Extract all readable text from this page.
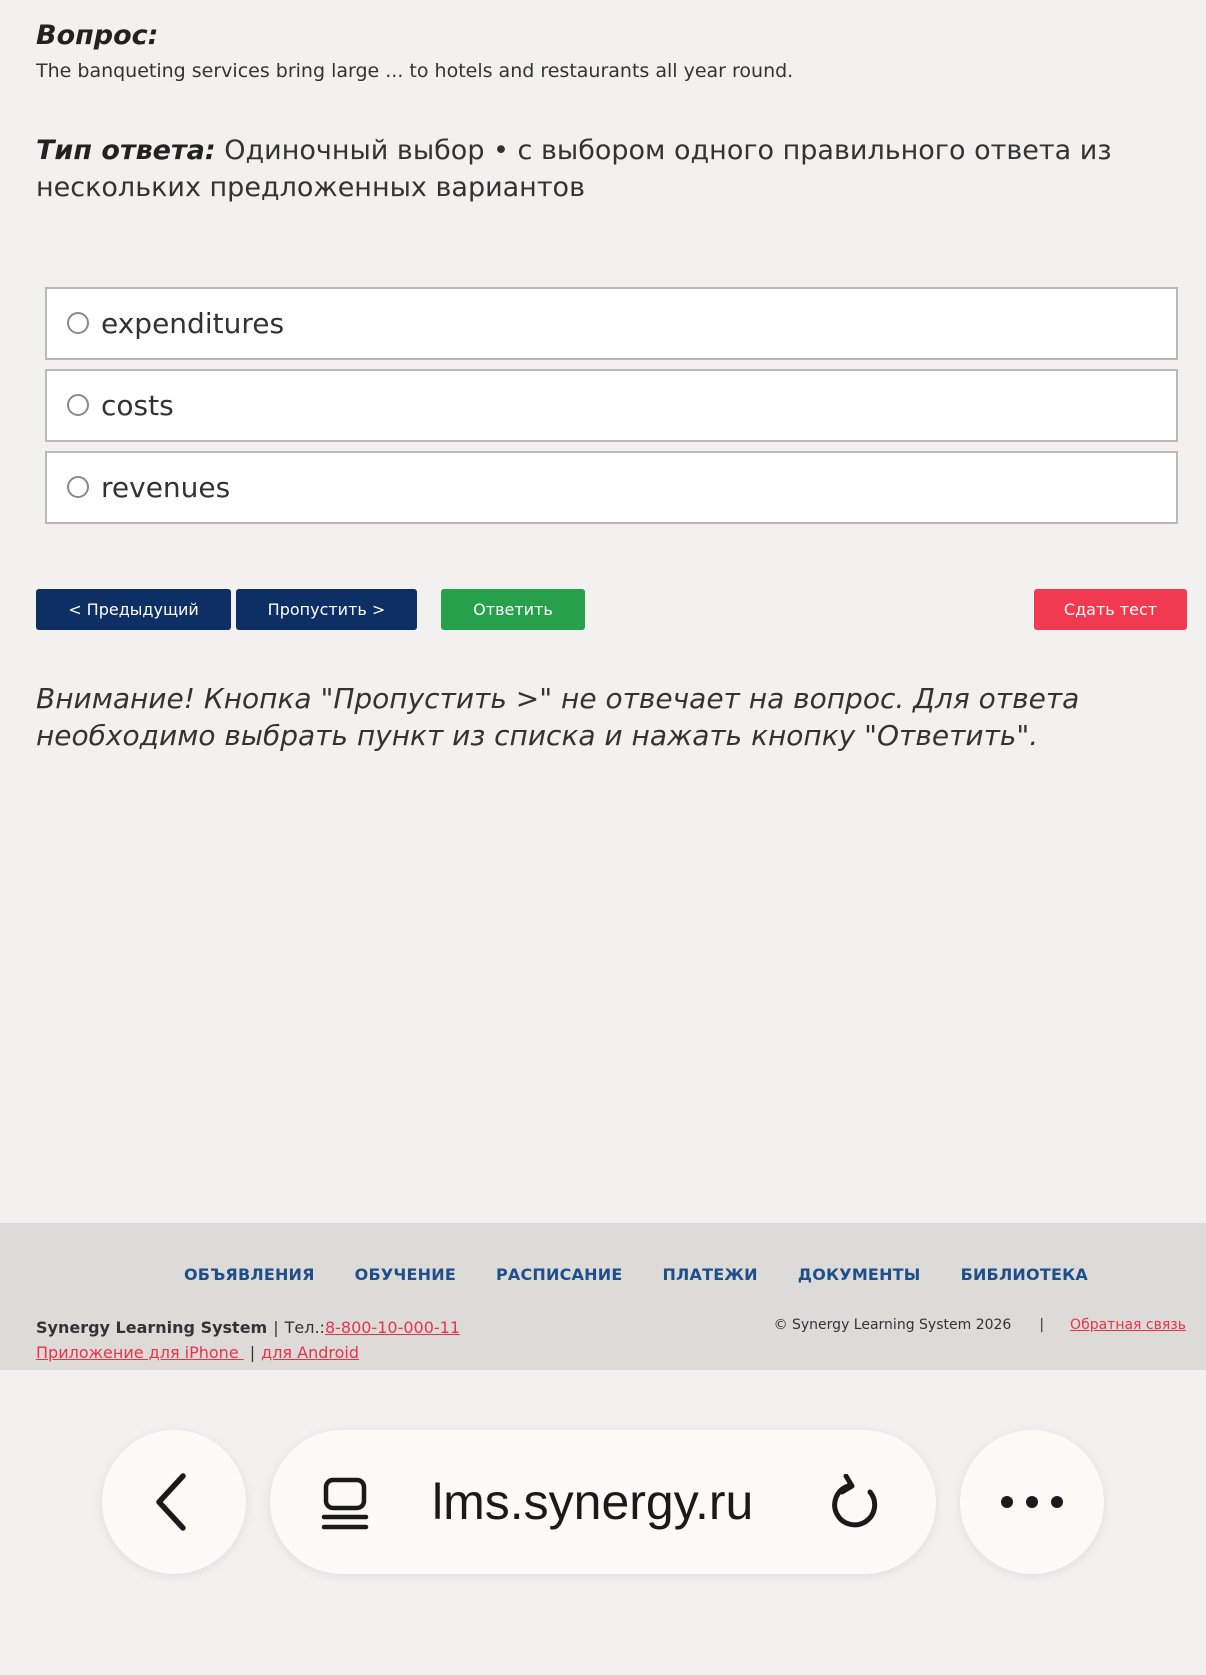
Вопрос:
The banqueting services bring large ... to hotels and restaurants all year round.
Тип ответа: Одиночный выбор • с выбором одного правильного ответа из нескольких предложенных вариантов
expenditures
costs
revenues
< Предыдущий	Пропустить >	Ответить	Сдать тест
Внимание! Кнопка "Пропустить >" не отвечает на вопрос. Для ответа необходимо выбрать пункт из списка и нажать кнопку "Ответить".
ОБЪЯВЛЕНИЯ	ОБУЧЕНИЕ	РАСПИСАНИЕ	ПЛАТЕЖИ	ДОКУМЕНТЫ	БИБЛИОТЕКА
Synergy Learning System | Тел.:8-800-10-000-11
Приложение для iPhone | для Android
© Synergy Learning System 2026 | Обратная связь
lms.synergy.ru
